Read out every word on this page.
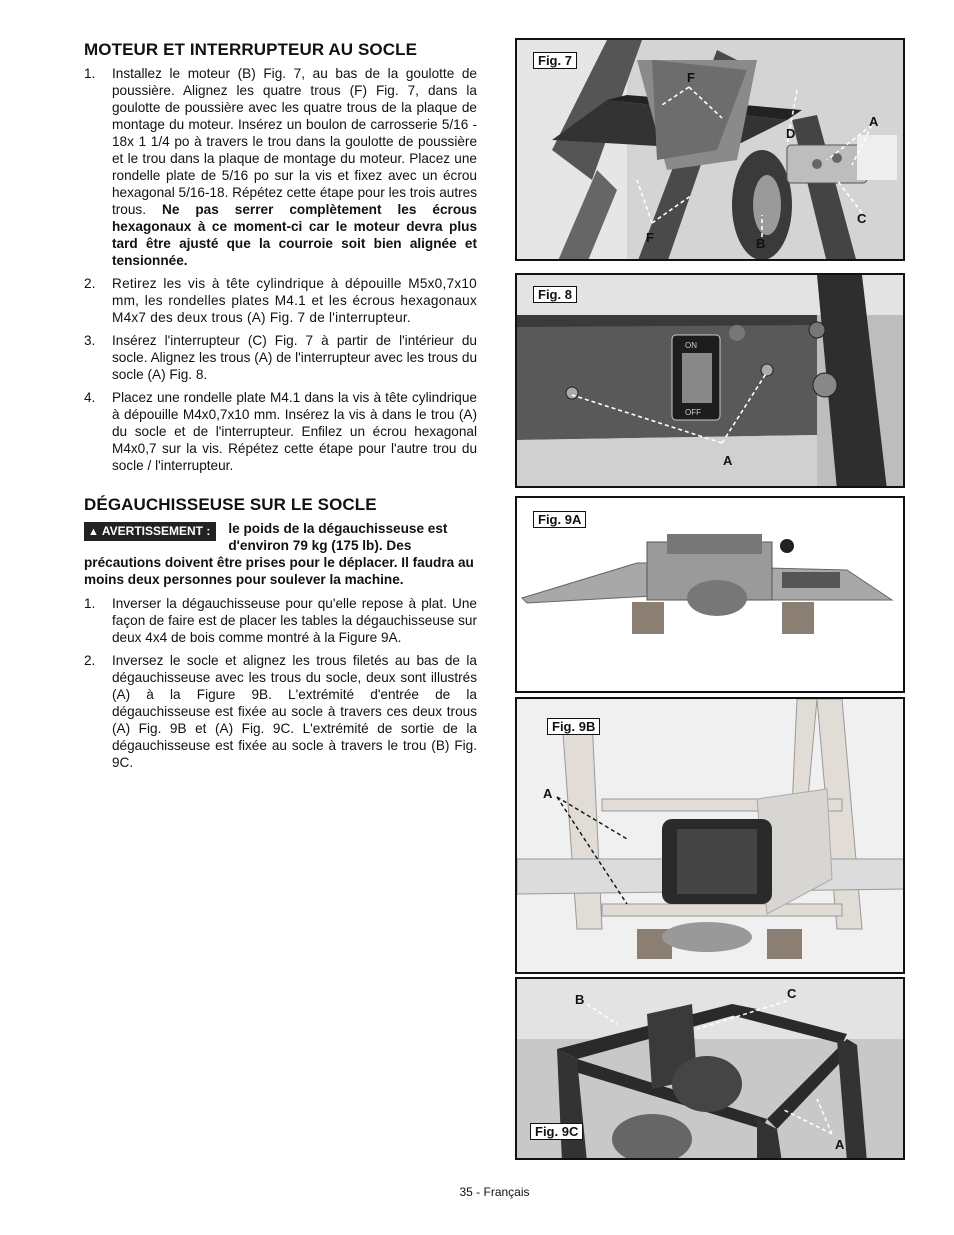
MOTEUR ET INTERRUPTEUR AU SOCLE
1. Installez le moteur (B) Fig. 7, au bas de la goulotte de poussière. Alignez les quatre trous (F) Fig. 7, dans la goulotte de poussière avec les quatre trous de la plaque de montage du moteur. Insérez un boulon de carrosserie 5/16 - 18x 1 1/4 po à travers le trou dans la goulotte de poussière et le trou dans la plaque de montage du moteur. Placez une rondelle plate de 5/16 po sur la vis et fixez avec un écrou hexagonal 5/16-18. Répétez cette étape pour les trois autres trous. Ne pas serrer complètement les écrous hexagonaux à ce moment-ci car le moteur devra plus tard être ajusté que la courroie soit bien alignée et tensionnée.
2. Retirez les vis à tête cylindrique à dépouille M5x0,7x10 mm, les rondelles plates M4.1 et les écrous hexagonaux M4x7 des deux trous (A) Fig. 7 de l'interrupteur.
3. Insérez l'interrupteur (C) Fig. 7 à partir de l'intérieur du socle. Alignez les trous (A) de l'interrupteur avec les trous du socle (A) Fig. 8.
4. Placez une rondelle plate M4.1 dans la vis à tête cylindrique à dépouille M4x0,7x10 mm. Insérez la vis à dans le trou (A) du socle et de l'interrupteur. Enfilez un écrou hexagonal M4x0,7 sur la vis. Répétez cette étape pour l'autre trou du socle / l'interrupteur.
DÉGAUCHISSEUSE SUR LE SOCLE
▲ AVERTISSEMENT :	le poids de la dégauchisseuse est d'environ 79 kg (175 lb). Des précautions doivent être prises pour le déplacer. Il faudra au moins deux personnes pour soulever la machine.
1. Inverser la dégauchisseuse pour qu'elle repose à plat. Une façon de faire est de placer les tables la dégauchisseuse sur deux 4x4 de bois comme montré à la Figure 9A.
2. Inversez le socle et alignez les trous filetés au bas de la dégauchisseuse avec les trous du socle, deux sont illustrés (A) à la Figure 9B. L'extrémité d'entrée de la dégauchisseuse est fixée au socle à travers ces deux trous (A) Fig. 9B et (A) Fig. 9C. L'extrémité de sortie de la dégauchisseuse est fixée au socle à travers le trou (B) Fig. 9C.
Fig. 7
F
D
A
C
F	B
ON
OFF
Fig. 8
A
Fig. 9A
Fig. 9B
A
Fig. 9C
B	C
A
35 - Français
